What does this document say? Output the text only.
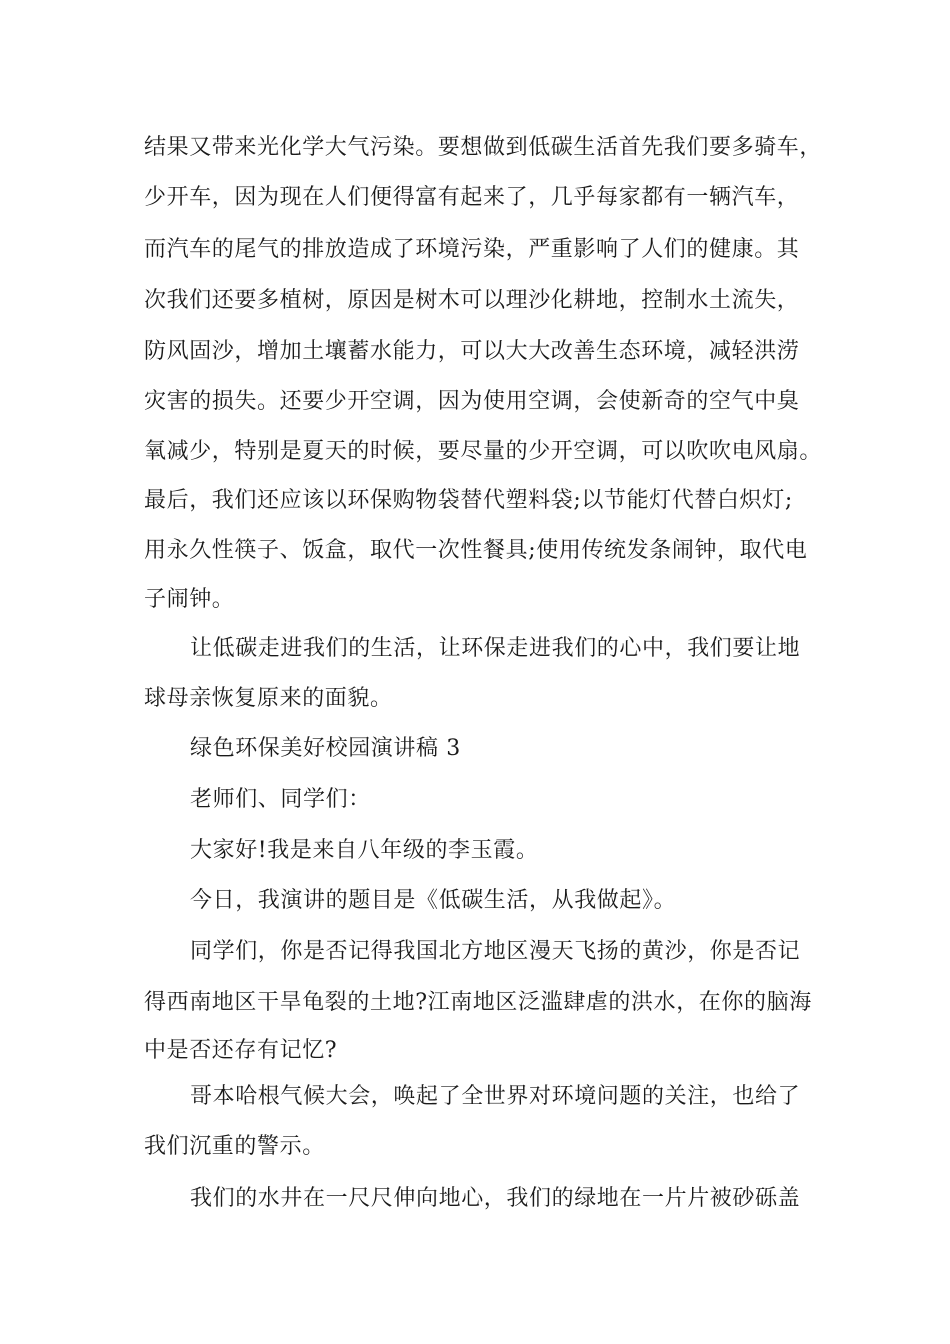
结果又带来光化学大气污染。要想做到低碳生活首先我们要多骑车，
少开车，因为现在人们便得富有起来了，几乎每家都有一辆汽车，
而汽车的尾气的排放造成了环境污染，严重影响了人们的健康。其
次我们还要多植树，原因是树木可以理沙化耕地，控制水土流失，
防风固沙，增加土壤蓄水能力，可以大大改善生态环境，减轻洪涝
灾害的损失。还要少开空调，因为使用空调，会使新奇的空气中臭
氧减少，特别是夏天的时候，要尽量的少开空调，可以吹吹电风扇。
最后，我们还应该以环保购物袋替代塑料袋;以节能灯代替白炽灯;
用永久性筷子、饭盒，取代一次性餐具;使用传统发条闹钟，取代电
子闹钟。
让低碳走进我们的生活，让环保走进我们的心中，我们要让地
球母亲恢复原来的面貌。
绿色环保美好校园演讲稿 3
老师们、同学们：
大家好!我是来自八年级的李玉霞。
今日，我演讲的题目是《低碳生活，从我做起》。
同学们，你是否记得我国北方地区漫天飞扬的黄沙，你是否记
得西南地区干旱龟裂的土地?江南地区泛滥肆虐的洪水，在你的脑海
中是否还存有记忆?
哥本哈根气候大会，唤起了全世界对环境问题的关注，也给了
我们沉重的警示。
我们的水井在一尺尺伸向地心，我们的绿地在一片片被砂砾盖
